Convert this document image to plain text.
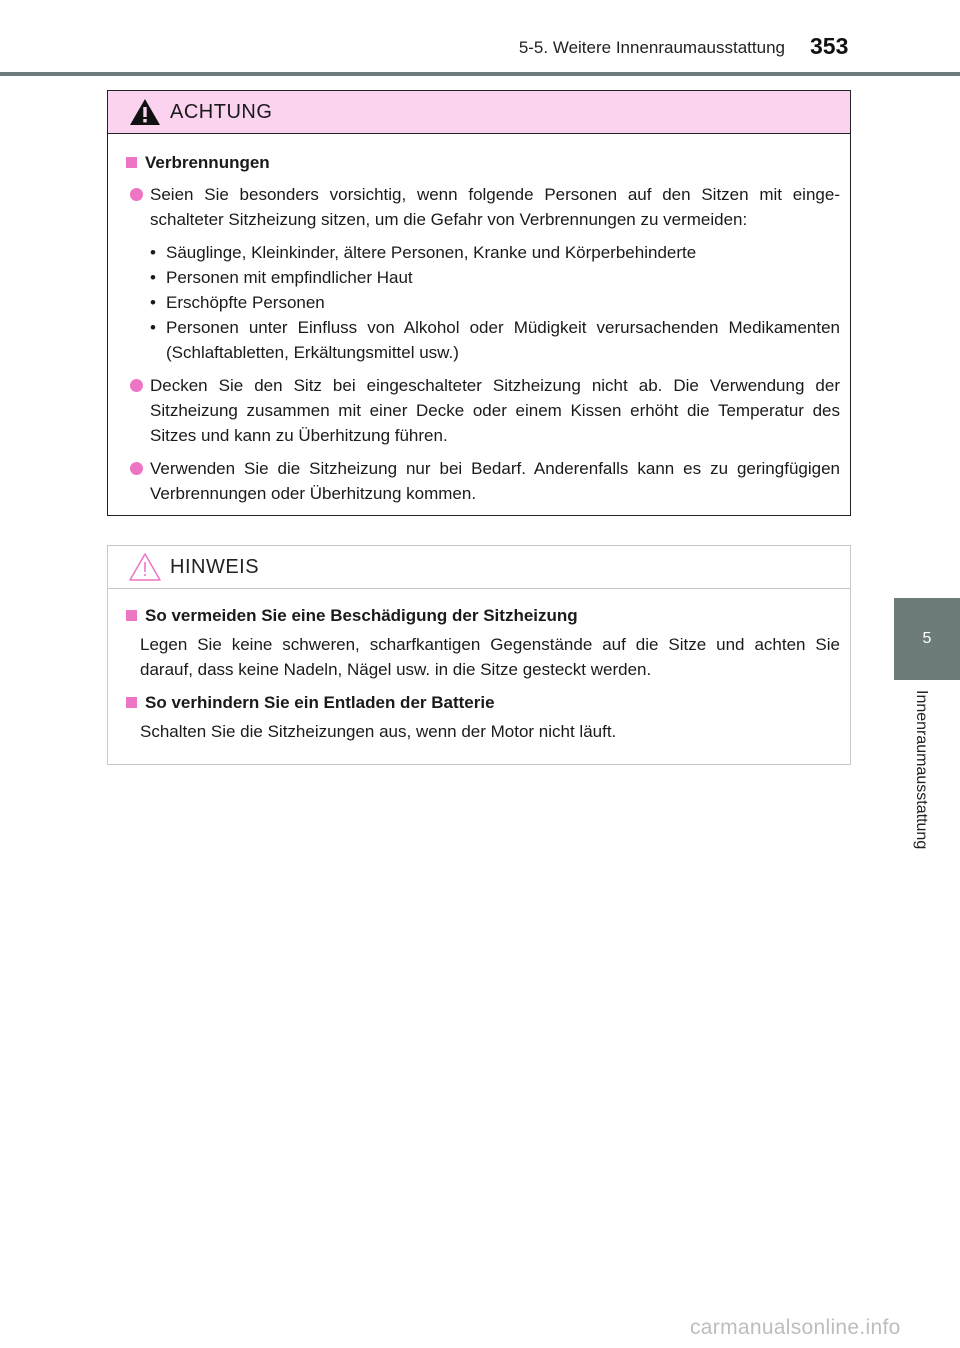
5-5. Weitere Innenraumausstattung 353
5
Innenraumausstattung
ACHTUNG
Verbrennungen
Seien Sie besonders vorsichtig, wenn folgende Personen auf den Sitzen mit eingeschalteter Sitzheizung sitzen, um die Gefahr von Verbrennungen zu vermeiden:
• Säuglinge, Kleinkinder, ältere Personen, Kranke und Körperbehinderte
• Personen mit empfindlicher Haut
• Erschöpfte Personen
• Personen unter Einfluss von Alkohol oder Müdigkeit verursachenden Medikamenten (Schlaftabletten, Erkältungsmittel usw.)
Decken Sie den Sitz bei eingeschalteter Sitzheizung nicht ab. Die Verwendung der Sitzheizung zusammen mit einer Decke oder einem Kissen erhöht die Temperatur des Sitzes und kann zu Überhitzung führen.
Verwenden Sie die Sitzheizung nur bei Bedarf. Anderenfalls kann es zu geringfügigen Verbrennungen oder Überhitzung kommen.
HINWEIS
So vermeiden Sie eine Beschädigung der Sitzheizung

Legen Sie keine schweren, scharfkantigen Gegenstände auf die Sitze und achten Sie darauf, dass keine Nadeln, Nägel usw. in die Sitze gesteckt werden.

So verhindern Sie ein Entladen der Batterie

Schalten Sie die Sitzheizungen aus, wenn der Motor nicht läuft.

carmanualsonline.info
